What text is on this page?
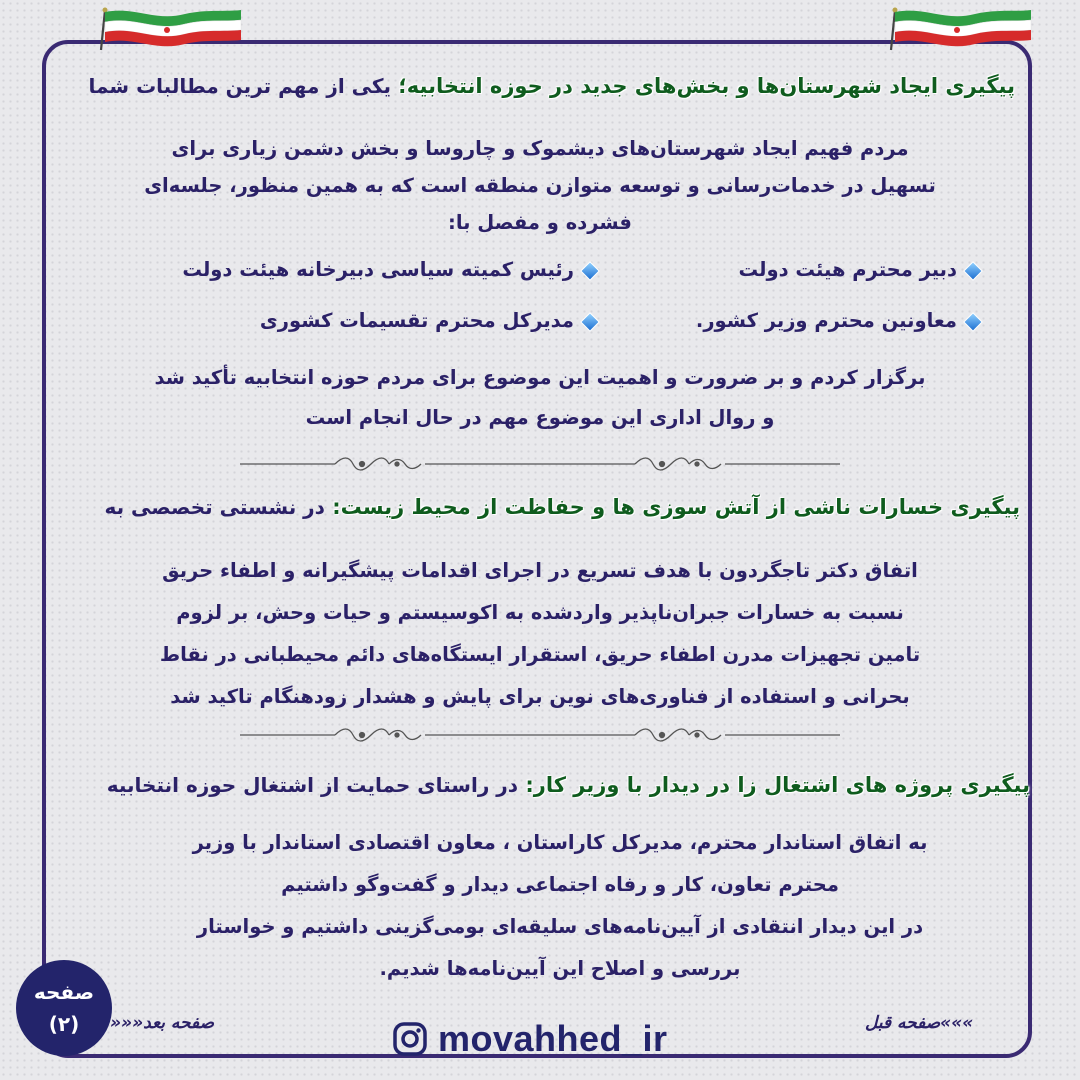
پیگیری ایجاد شهرستان‌ها و بخش‌های جدید در حوزه انتخابیه؛ یکی از مهم ترین مطالبات شما
مردم فهیم ایجاد شهرستان‌های دیشموک و چاروسا و بخش دشمن زیاری برای
تسهیل در خدمات‌رسانی و توسعه متوازن منطقه است که به همین منظور، جلسه‌ای
فشرده و مفصل با:
دبیر محترم هیئت دولت
رئیس کمیته سیاسی دبیرخانه هیئت دولت
معاونین محترم وزیر کشور.
مدیرکل محترم تقسیمات کشوری
برگزار کردم و بر ضرورت و اهمیت این موضوع برای مردم حوزه انتخابیه تأکید شد
و روال اداری این موضوع مهم در حال انجام است
پیگیری خسارات ناشی از آتش سوزی ها و حفاظت از محیط زیست: در نشستی تخصصی به
اتفاق دکتر تاجگردون با هدف تسریع در اجرای اقدامات پیشگیرانه و اطفاء حریق
نسبت به خسارات جبران‌ناپذیر واردشده به اکوسیستم و حیات وحش، بر لزوم
تامین تجهیزات مدرن اطفاء حریق، استقرار ایستگاه‌های دائم محیطبانی در نقاط
بحرانی و استفاده از فناوری‌های نوین برای پایش و هشدار زودهنگام تاکید شد
پیگیری پروژه های اشتغال زا در دیدار با وزیر کار: در راستای حمایت از اشتغال حوزه انتخابیه
به اتفاق استاندار محترم، مدیرکل کاراستان ، معاون اقتصادی استاندار با وزیر
محترم تعاون، کار و رفاه اجتماعی دیدار و گفت‌وگو داشتیم
در این دیدار انتقادی از آیین‌نامه‌های سلیقه‌ای بومی‌گزینی داشتیم و خواستار
بررسی و اصلاح این آیین‌نامه‌ها شدیم.
صفحه
(۲) صفحه بعد«««	»»»صفحه قبل
movahhed_ir
